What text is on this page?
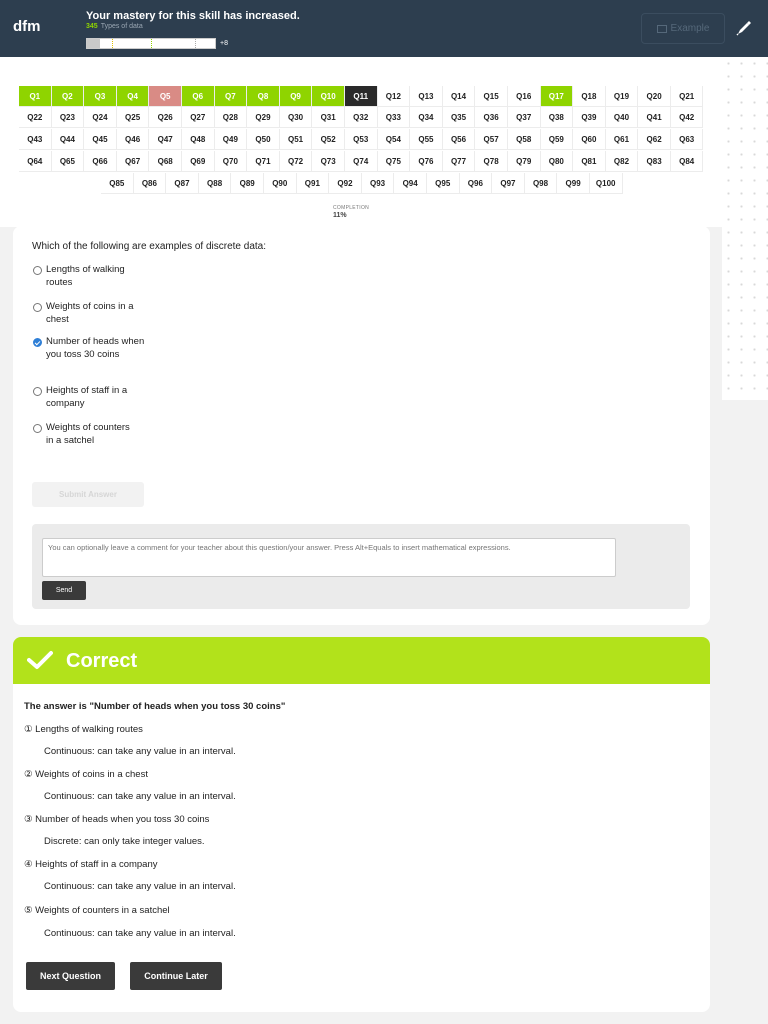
dfm
Your mastery for this skill has increased.
345 Types of data
+8
Example
Q1	Q2	Q3	Q4	Q5	Q6	Q7	Q8	Q9	Q10	Q11	Q12	Q13	Q14	Q15	Q16	Q17	Q18	Q19	Q20	Q21
Q22	Q23	Q24	Q25	Q26	Q27	Q28	Q29	Q30	Q31	Q32	Q33	Q34	Q35	Q36	Q37	Q38	Q39	Q40	Q41	Q42
Q43	Q44	Q45	Q46	Q47	Q48	Q49	Q50	Q51	Q52	Q53	Q54	Q55	Q56	Q57	Q58	Q59	Q60	Q61	Q62	Q63
Q64	Q65	Q66	Q67	Q68	Q69	Q70	Q71	Q72	Q73	Q74	Q75	Q76	Q77	Q78	Q79	Q80	Q81	Q82	Q83	Q84
Q85	Q86	Q87	Q88	Q89	Q90	Q91	Q92	Q93	Q94	Q95	Q96	Q97	Q98	Q99	Q100
COMPLETION
11%
Which of the following are examples of discrete data:
Lengths of walking routes
Weights of coins in a chest
Number of heads when you toss 30 coins
Heights of staff in a company
Weights of counters in a satchel
Submit Answer
You can optionally leave a comment for your teacher about this question/your answer. Press Alt+Equals to insert mathematical expressions.
Send
Correct
The answer is "Number of heads when you toss 30 coins"
① Lengths of walking routes
Continuous: can take any value in an interval.
② Weights of coins in a chest
Continuous: can take any value in an interval.
③ Number of heads when you toss 30 coins
Discrete: can only take integer values.
④ Heights of staff in a company
Continuous: can take any value in an interval.
⑤ Weights of counters in a satchel
Continuous: can take any value in an interval.
Next Question	Continue Later
